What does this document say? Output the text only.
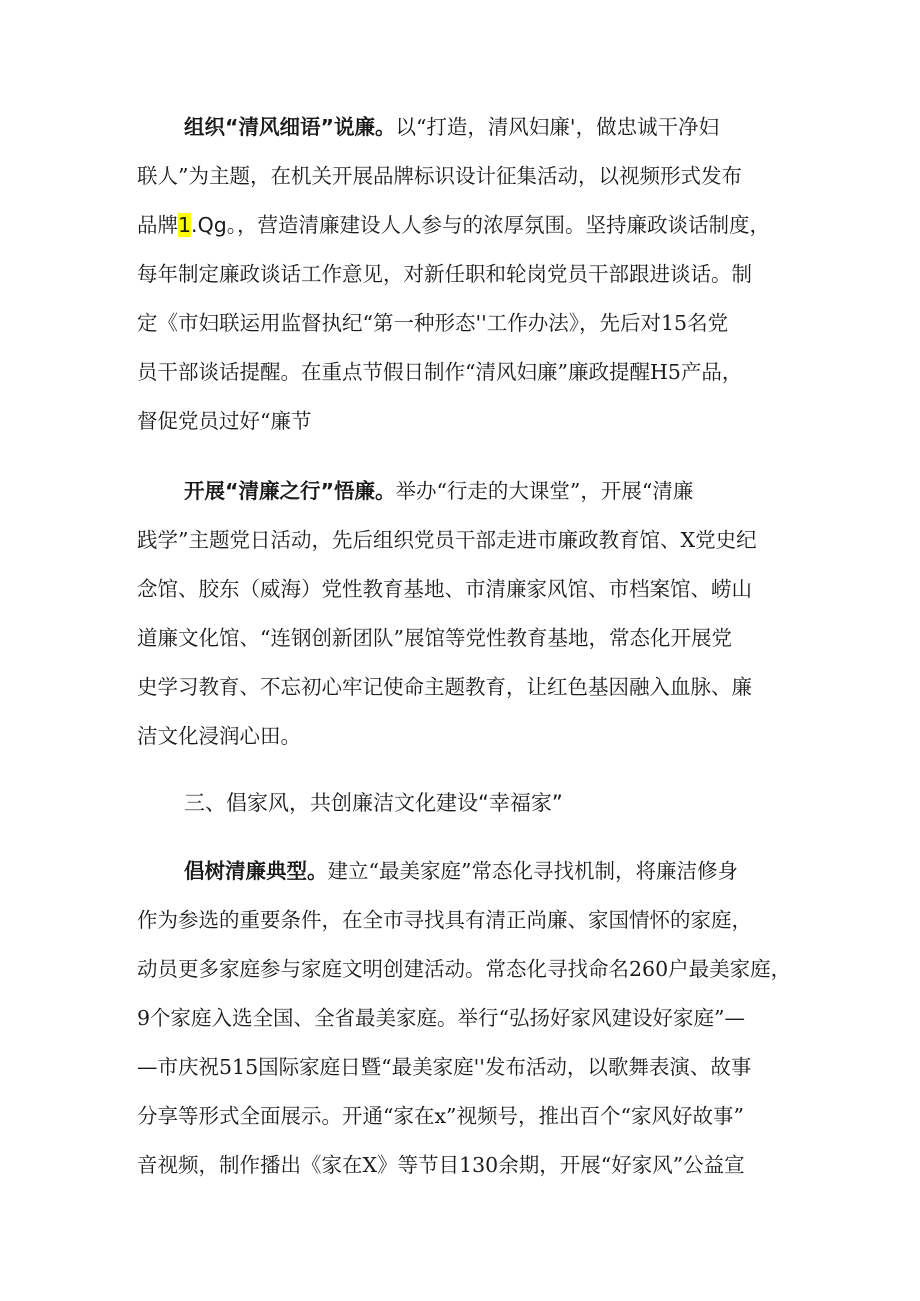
组织“清风细语”说廉。以“打造，清风妇廉'，做忠诚干净妇
联人”为主题，在机关开展品牌标识设计征集活动，以视频形式发布
品牌1.Qg。，营造清廉建设人人参与的浓厚氛围。坚持廉政谈话制度，
每年制定廉政谈话工作意见，对新任职和轮岗党员干部跟进谈话。制
定《市妇联运用监督执纪“第一种形态''工作办法》，先后对15名党
员干部谈话提醒。在重点节假日制作“清风妇廉”廉政提醒H5产品，
督促党员过好“廉节
开展“清廉之行”悟廉。举办“行走的大课堂”，开展“清廉
践学”主题党日活动，先后组织党员干部走进市廉政教育馆、X党史纪
念馆、胶东（威海）党性教育基地、市清廉家风馆、市档案馆、崂山
道廉文化馆、“连钢创新团队”展馆等党性教育基地，常态化开展党
史学习教育、不忘初心牢记使命主题教育，让红色基因融入血脉、廉
洁文化浸润心田。
三、倡家风，共创廉洁文化建设“幸福家”
倡树清廉典型。建立“最美家庭”常态化寻找机制，将廉洁修身
作为参选的重要条件，在全市寻找具有清正尚廉、家国情怀的家庭，
动员更多家庭参与家庭文明创建活动。常态化寻找命名260户最美家庭，
9个家庭入选全国、全省最美家庭。举行“弘扬好家风建设好家庭”—
—市庆祝515国际家庭日暨“最美家庭''发布活动，以歌舞表演、故事
分享等形式全面展示。开通“家在x”视频号，推出百个“家风好故事”
音视频，制作播出《家在X》等节目130余期，开展“好家风”公益宣
